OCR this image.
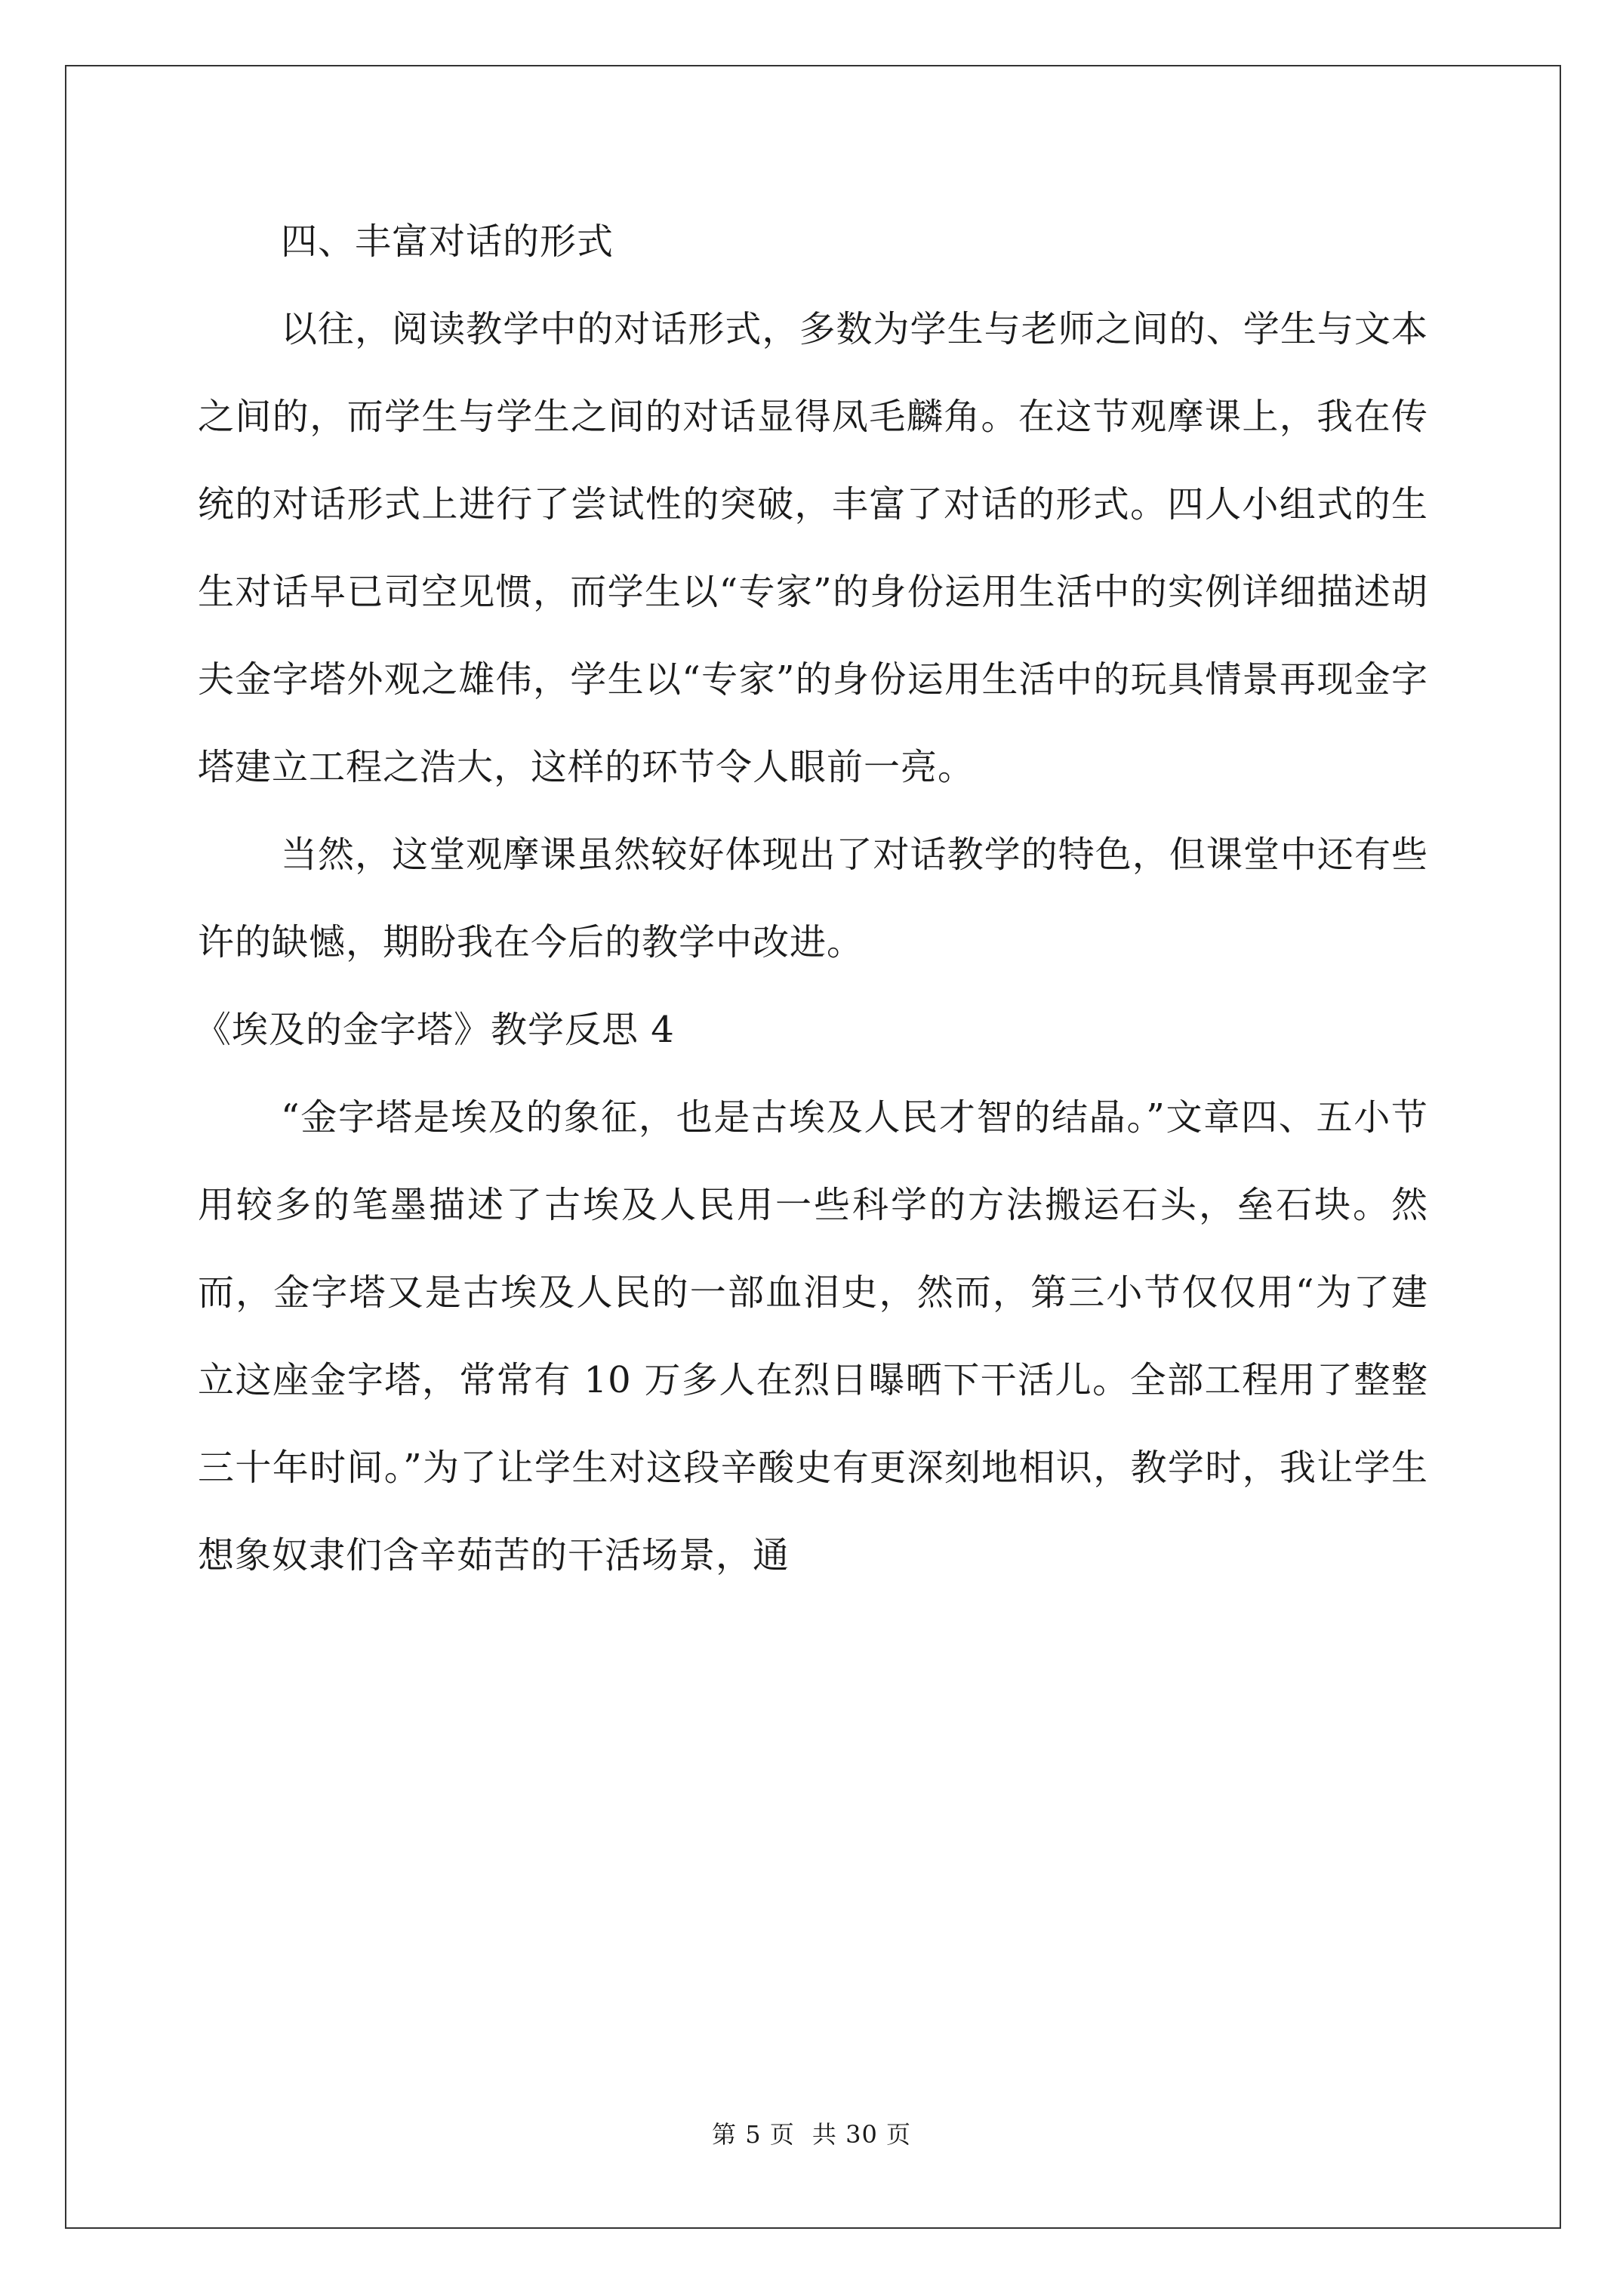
四、丰富对话的形式

以往，阅读教学中的对话形式，多数为学生与老师之间的、学生与文本之间的，而学生与学生之间的对话显得凤毛麟角。在这节观摩课上，我在传统的对话形式上进行了尝试性的突破，丰富了对话的形式。四人小组式的生生对话早已司空见惯，而学生以“专家”的身份运用生活中的实例详细描述胡夫金字塔外观之雄伟，学生以“专家”的身份运用生活中的玩具情景再现金字塔建立工程之浩大，这样的环节令人眼前一亮。

当然，这堂观摩课虽然较好体现出了对话教学的特色，但课堂中还有些许的缺憾，期盼我在今后的教学中改进。

《埃及的金字塔》教学反思 4

“金字塔是埃及的象征，也是古埃及人民才智的结晶。”文章四、五小节用较多的笔墨描述了古埃及人民用一些科学的方法搬运石头，垒石块。然而，金字塔又是古埃及人民的一部血泪史，然而，第三小节仅仅用“为了建立这座金字塔，常常有 10 万多人在烈日曝晒下干活儿。全部工程用了整整三十年时间。”为了让学生对这段辛酸史有更深刻地相识，教学时，我让学生想象奴隶们含辛茹苦的干活场景，通

第 5 页 共 30 页
